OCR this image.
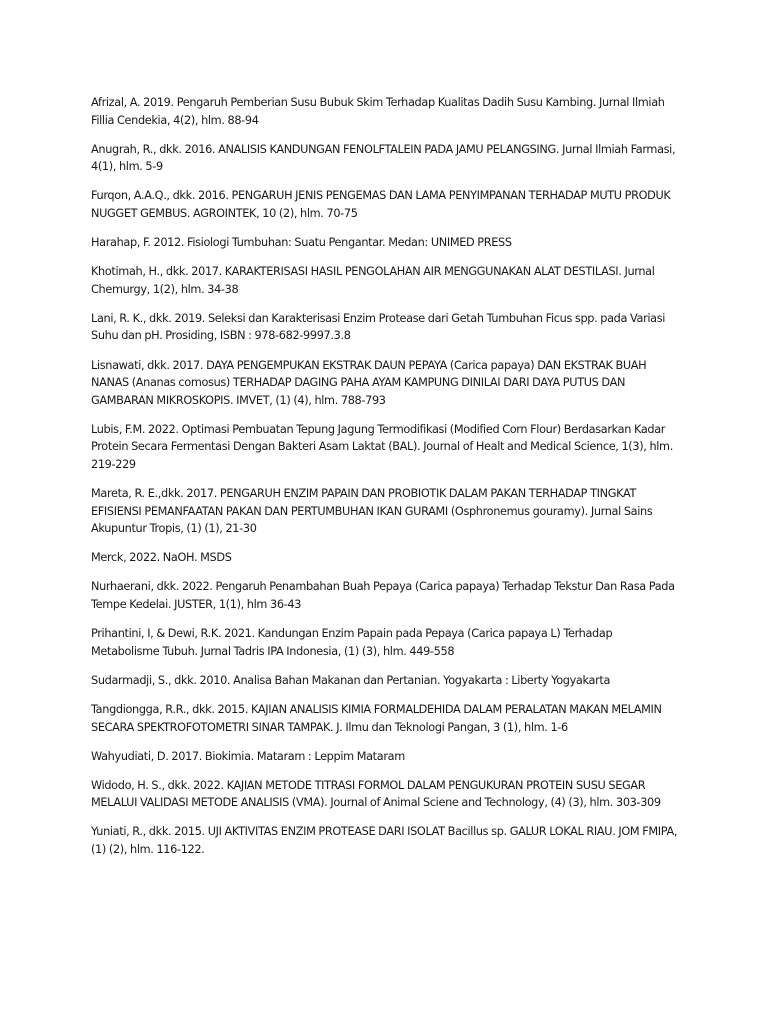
Afrizal, A. 2019. Pengaruh Pemberian Susu Bubuk Skim Terhadap Kualitas Dadih Susu Kambing. Jurnal Ilmiah Fillia Cendekia, 4(2), hlm. 88-94
Anugrah, R., dkk. 2016. ANALISIS KANDUNGAN FENOLFTALEIN PADA JAMU PELANGSING. Jurnal Ilmiah Farmasi, 4(1), hlm. 5-9
Furqon, A.A.Q., dkk. 2016. PENGARUH JENIS PENGEMAS DAN LAMA PENYIMPANAN TERHADAP MUTU PRODUK NUGGET GEMBUS. AGROINTEK, 10 (2), hlm. 70-75
Harahap, F. 2012. Fisiologi Tumbuhan: Suatu Pengantar. Medan: UNIMED PRESS
Khotimah, H., dkk. 2017. KARAKTERISASI HASIL PENGOLAHAN AIR MENGGUNAKAN ALAT DESTILASI. Jurnal Chemurgy, 1(2), hlm. 34-38
Lani, R. K., dkk. 2019. Seleksi dan Karakterisasi Enzim Protease dari Getah Tumbuhan Ficus spp. pada Variasi Suhu dan pH. Prosiding, ISBN : 978-682-9997.3.8
Lisnawati, dkk. 2017. DAYA PENGEMPUKAN EKSTRAK DAUN PEPAYA (Carica papaya) DAN EKSTRAK BUAH NANAS (Ananas comosus) TERHADAP DAGING PAHA AYAM KAMPUNG DINILAI DARI DAYA PUTUS DAN GAMBARAN MIKROSKOPIS. IMVET, (1) (4), hlm. 788-793
Lubis, F.M. 2022. Optimasi Pembuatan Tepung Jagung Termodifikasi (Modified Corn Flour) Berdasarkan Kadar Protein Secara Fermentasi Dengan Bakteri Asam Laktat (BAL). Journal of Healt and Medical Science, 1(3), hlm. 219-229
Mareta, R. E.,dkk. 2017. PENGARUH ENZIM PAPAIN DAN PROBIOTIK DALAM PAKAN TERHADAP TINGKAT EFISIENSI PEMANFAATAN PAKAN DAN PERTUMBUHAN IKAN GURAMI (Osphronemus gouramy). Jurnal Sains Akupuntur Tropis, (1) (1), 21-30
Merck, 2022. NaOH. MSDS
Nurhaerani, dkk. 2022. Pengaruh Penambahan Buah Pepaya (Carica papaya) Terhadap Tekstur Dan Rasa Pada Tempe Kedelai. JUSTER, 1(1), hlm 36-43
Prihantini, I, & Dewi, R.K. 2021. Kandungan Enzim Papain pada Pepaya (Carica papaya L) Terhadap Metabolisme Tubuh. Jurnal Tadris IPA Indonesia, (1) (3), hlm. 449-558
Sudarmadji, S., dkk. 2010. Analisa Bahan Makanan dan Pertanian. Yogyakarta : Liberty Yogyakarta
Tangdiongga, R.R., dkk. 2015. KAJIAN ANALISIS KIMIA FORMALDEHIDA DALAM PERALATAN MAKAN MELAMIN SECARA SPEKTROFOTOMETRI SINAR TAMPAK. J. Ilmu dan Teknologi Pangan, 3 (1), hlm. 1-6
Wahyudiati, D. 2017. Biokimia. Mataram : Leppim Mataram
Widodo, H. S., dkk. 2022. KAJIAN METODE TITRASI FORMOL DALAM PENGUKURAN PROTEIN SUSU SEGAR MELALUI VALIDASI METODE ANALISIS (VMA). Journal of Animal Sciene and Technology, (4) (3), hlm. 303-309
Yuniati, R., dkk. 2015. UJI AKTIVITAS ENZIM PROTEASE DARI ISOLAT Bacillus sp. GALUR LOKAL RIAU. JOM FMIPA, (1) (2), hlm. 116-122.
